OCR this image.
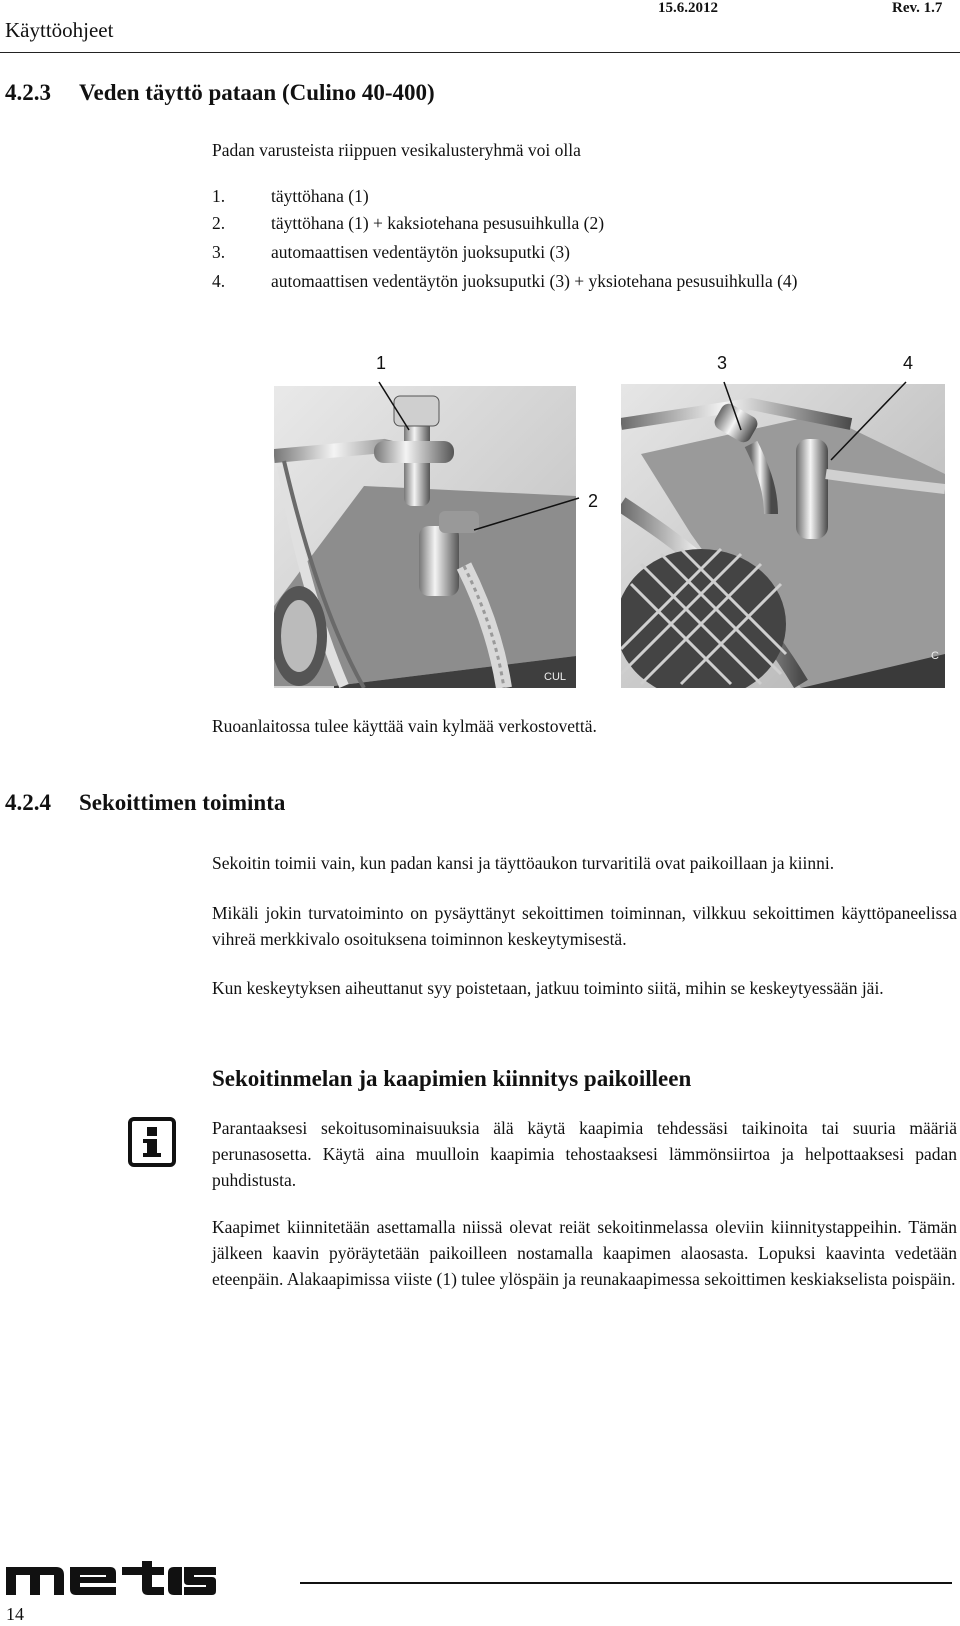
Käyttöohjeet
15.6.2012	Rev. 1.7
4.2.3 Veden täyttö pataan (Culino 40-400)
Padan varusteista riippuen vesikalusteryhmä voi olla
1.	täyttöhana (1)
2.	täyttöhana (1) + kaksiotehana pesusuihkulla (2)
3.	automaattisen vedentäytön juoksuputki (3)
4.	automaattisen vedentäytön juoksuputki (3) + yksiotehana pesusuihkulla (4)
1
2
3	4
CUL
C
Ruoanlaitossa tulee käyttää vain kylmää verkostovettä.
4.2.4 Sekoittimen toiminta
Sekoitin toimii vain, kun padan kansi ja täyttöaukon turvaritilä ovat paikoillaan ja kiinni.
Mikäli jokin turvatoiminto on pysäyttänyt sekoittimen toiminnan, vilkkuu sekoittimen käyttöpaneelissa vihreä merkkivalo osoituksena toiminnon keskeytymisestä.
Kun keskeytyksen aiheuttanut syy poistetaan, jatkuu toiminto siitä, mihin se keskeytyessään jäi.
Sekoitinmelan ja kaapimien kiinnitys paikoilleen
Parantaaksesi sekoitusominaisuuksia älä käytä kaapimia tehdessäsi taikinoita tai suuria määriä perunasosetta. Käytä aina muulloin kaapimia tehostaaksesi lämmönsiirtoa ja helpottaaksesi padan puhdistusta.
Kaapimet kiinnitetään asettamalla niissä olevat reiät sekoitinmelassa oleviin kiinnitystappeihin. Tämän jälkeen kaavin pyöräytetään paikoilleen nostamalla kaapimen alaosasta. Lopuksi kaavinta vedetään eteenpäin. Alakaapimissa viiste (1) tulee ylöspäin ja reunakaapimessa sekoittimen keskiakselista poispäin.
14
